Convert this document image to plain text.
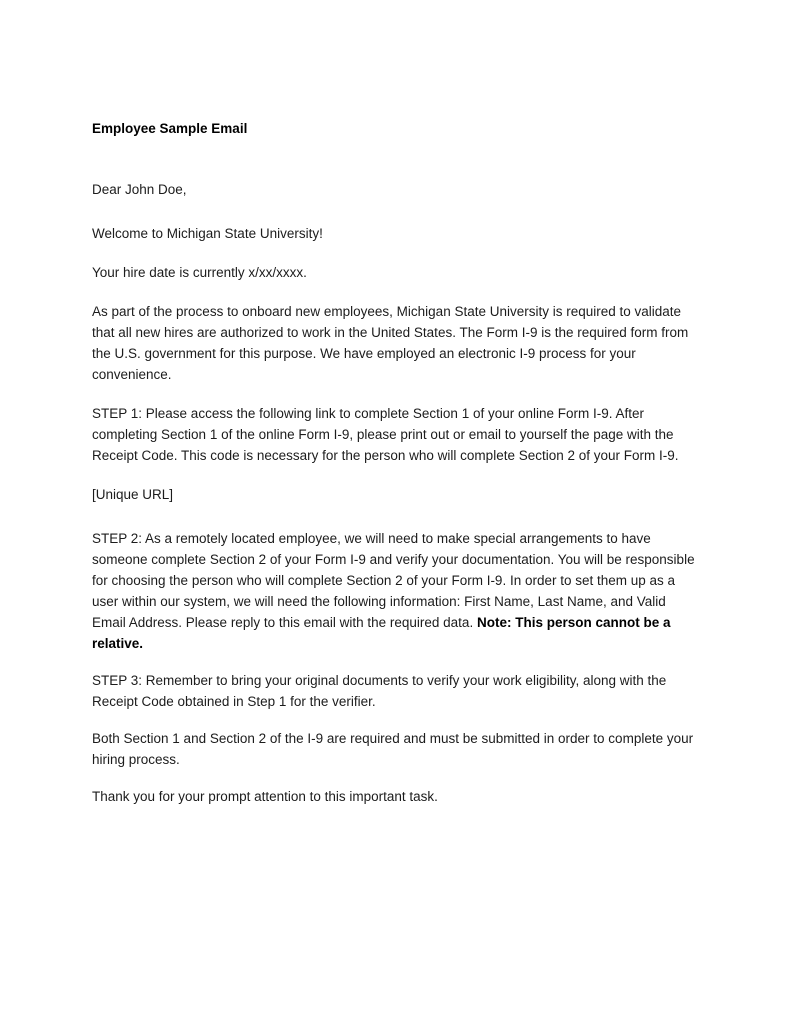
Employee Sample Email

Dear John Doe,

Welcome to Michigan State University!

Your hire date is currently x/xx/xxxx.

As part of the process to onboard new employees, Michigan State University is required to validate that all new hires are authorized to work in the United States. The Form I-9 is the required form from the U.S. government for this purpose. We have employed an electronic I-9 process for your convenience.

STEP 1: Please access the following link to complete Section 1 of your online Form I-9. After completing Section 1 of the online Form I-9, please print out or email to yourself the page with the Receipt Code. This code is necessary for the person who will complete Section 2 of your Form I-9.

[Unique URL]

STEP 2: As a remotely located employee, we will need to make special arrangements to have someone complete Section 2 of your Form I-9 and verify your documentation. You will be responsible for choosing the person who will complete Section 2 of your Form I-9. In order to set them up as a user within our system, we will need the following information: First Name, Last Name, and Valid Email Address. Please reply to this email with the required data. Note: This person cannot be a relative.

STEP 3: Remember to bring your original documents to verify your work eligibility, along with the Receipt Code obtained in Step 1 for the verifier.

Both Section 1 and Section 2 of the I-9 are required and must be submitted in order to complete your hiring process.

Thank you for your prompt attention to this important task.
